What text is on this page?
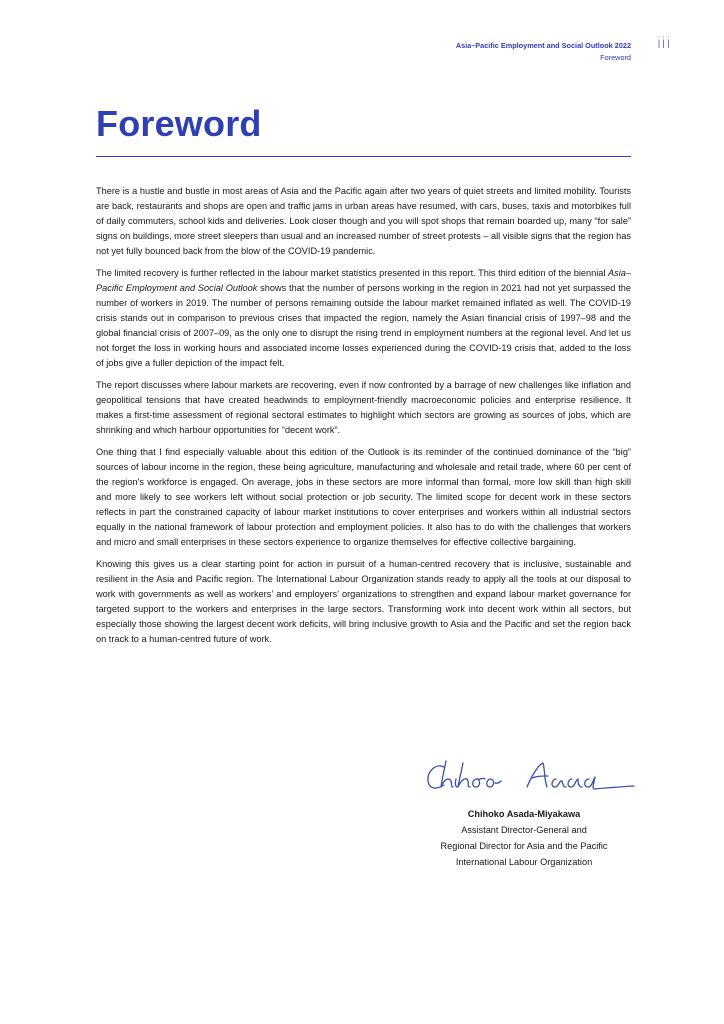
Asia–Pacific Employment and Social Outlook 2022
Foreword
iii
Foreword

There is a hustle and bustle in most areas of Asia and the Pacific again after two years of quiet streets and limited mobility. Tourists are back, restaurants and shops are open and traffic jams in urban areas have resumed, with cars, buses, taxis and motorbikes full of daily commuters, school kids and deliveries. Look closer though and you will spot shops that remain boarded up, many “for sale” signs on buildings, more street sleepers than usual and an increased number of street protests – all visible signs that the region has not yet fully bounced back from the blow of the COVID-19 pandemic.

The limited recovery is further reflected in the labour market statistics presented in this report. This third edition of the biennial Asia–Pacific Employment and Social Outlook shows that the number of persons working in the region in 2021 had not yet surpassed the number of workers in 2019. The number of persons remaining outside the labour market remained inflated as well. The COVID-19 crisis stands out in comparison to previous crises that impacted the region, namely the Asian financial crisis of 1997–98 and the global financial crisis of 2007–09, as the only one to disrupt the rising trend in employment numbers at the regional level. And let us not forget the loss in working hours and associated income losses experienced during the COVID-19 crisis that, added to the loss of jobs give a fuller depiction of the impact felt.

The report discusses where labour markets are recovering, even if now confronted by a barrage of new challenges like inflation and geopolitical tensions that have created headwinds to employment-friendly macroeconomic policies and enterprise resilience. It makes a first-time assessment of regional sectoral estimates to highlight which sectors are growing as sources of jobs, which are shrinking and which harbour opportunities for “decent work”.

One thing that I find especially valuable about this edition of the Outlook is its reminder of the continued dominance of the “big” sources of labour income in the region, these being agriculture, manufacturing and wholesale and retail trade, where 60 per cent of the region’s workforce is engaged. On average, jobs in these sectors are more informal than formal, more low skill than high skill and more likely to see workers left without social protection or job security. The limited scope for decent work in these sectors reflects in part the constrained capacity of labour market institutions to cover enterprises and workers within all industrial sectors equally in the national framework of labour protection and employment policies. It also has to do with the challenges that workers and micro and small enterprises in these sectors experience to organize themselves for effective collective bargaining.

Knowing this gives us a clear starting point for action in pursuit of a human-centred recovery that is inclusive, sustainable and resilient in the Asia and Pacific region. The International Labour Organization stands ready to apply all the tools at our disposal to work with governments as well as workers’ and employers’ organizations to strengthen and expand labour market governance for targeted support to the workers and enterprises in the large sectors. Transforming work into decent work within all sectors, but especially those showing the largest decent work deficits, will bring inclusive growth to Asia and the Pacific and set the region back on track to a human-centred future of work.

Chihoko Asada-Miyakawa
Assistant Director-General and
Regional Director for Asia and the Pacific
International Labour Organization
